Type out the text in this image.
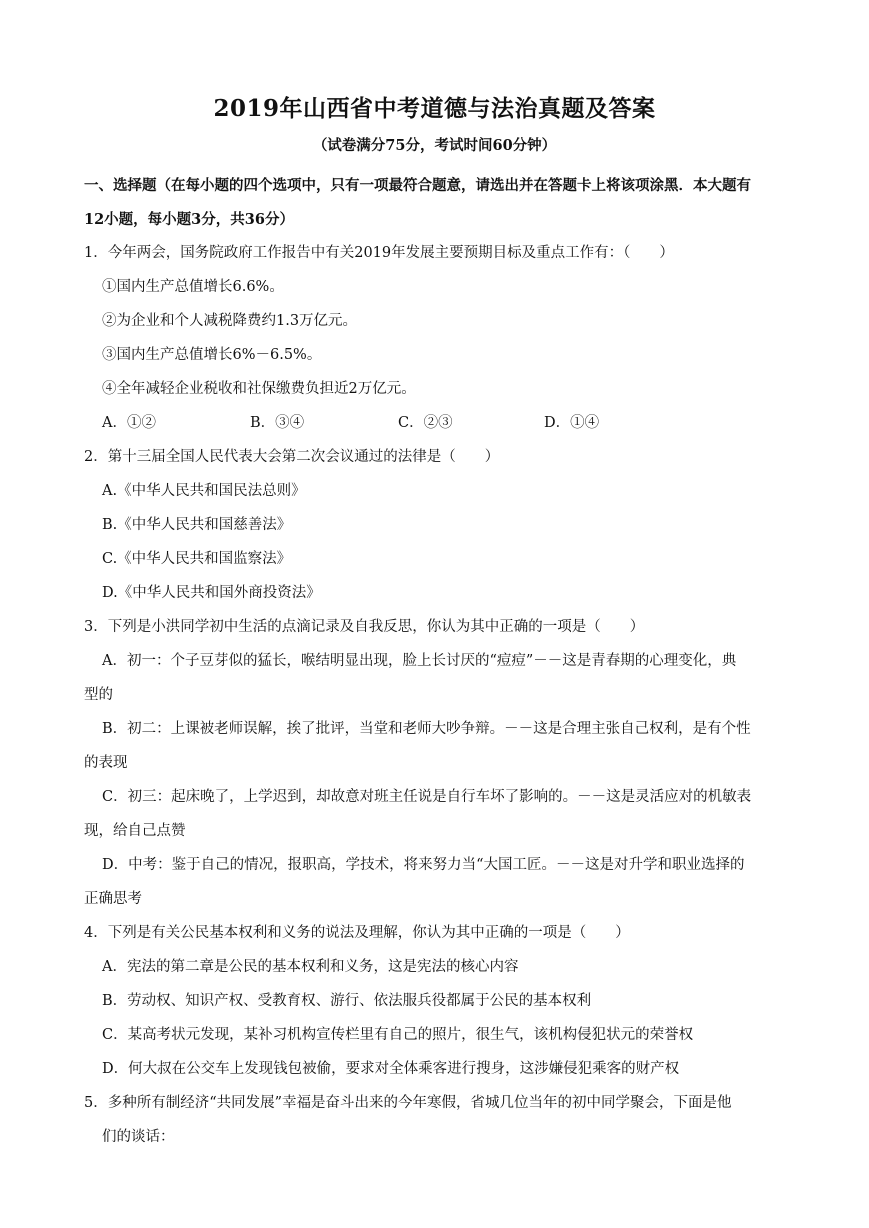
2019年山西省中考道德与法治真题及答案
（试卷满分75分，考试时间60分钟）
一、选择题（在每小题的四个选项中，只有一项最符合题意，请选出并在答题卡上将该项涂黑．本大题有
12小题，每小题3分，共36分）
1．今年两会，国务院政府工作报告中有关2019年发展主要预期目标及重点工作有：（　　）
①国内生产总值增长6.6%。
②为企业和个人减税降费约1.3万亿元。
③国内生产总值增长6%－6.5%。
④全年减轻企业税收和社保缴费负担近2万亿元。
A．①②	B．③④	C．②③	D．①④
2．第十三届全国人民代表大会第二次会议通过的法律是（　　）
A.《中华人民共和国民法总则》
B.《中华人民共和国慈善法》
C.《中华人民共和国监察法》
D.《中华人民共和国外商投资法》
3．下列是小洪同学初中生活的点滴记录及自我反思，你认为其中正确的一项是（　　）
A．初一：个子豆芽似的猛长，喉结明显出现，脸上长讨厌的“痘痘”－－这是青春期的心理变化，典
型的
B．初二：上课被老师误解，挨了批评，当堂和老师大吵争辩。－－这是合理主张自己权利，是有个性
的表现
C．初三：起床晚了，上学迟到，却故意对班主任说是自行车坏了影响的。－－这是灵活应对的机敏表
现，给自己点赞
D．中考：鉴于自己的情况，报职高，学技术，将来努力当“大国工匠。－－这是对升学和职业选择的
正确思考
4．下列是有关公民基本权利和义务的说法及理解，你认为其中正确的一项是（　　）
A．宪法的第二章是公民的基本权利和义务，这是宪法的核心内容
B．劳动权、知识产权、受教育权、游行、依法服兵役都属于公民的基本权利
C．某高考状元发现，某补习机构宣传栏里有自己的照片，很生气，该机构侵犯状元的荣誉权
D．何大叔在公交车上发现钱包被偷，要求对全体乘客进行搜身，这涉嫌侵犯乘客的财产权
5．多种所有制经济“共同发展”幸福是奋斗出来的今年寒假，省城几位当年的初中同学聚会，下面是他
们的谈话：
